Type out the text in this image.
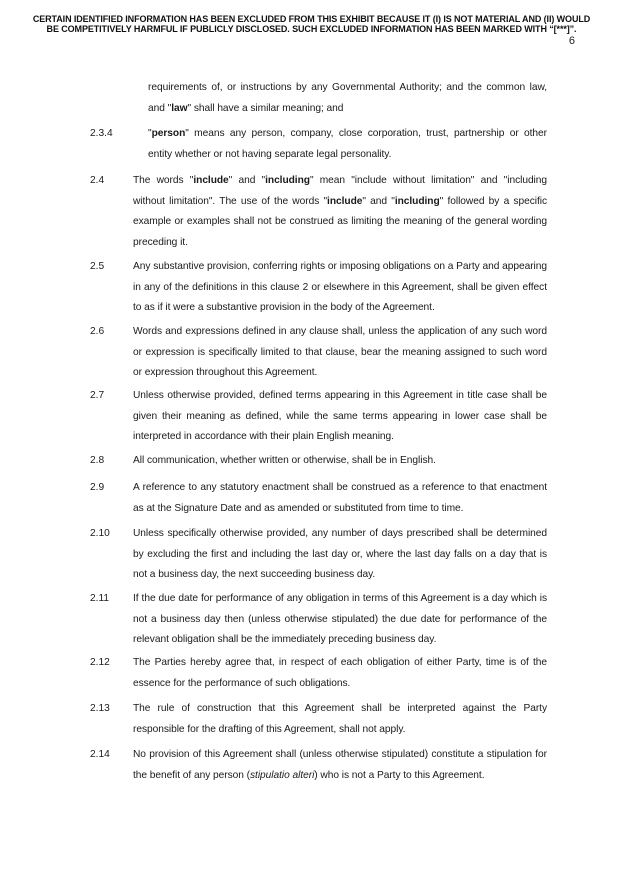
CERTAIN IDENTIFIED INFORMATION HAS BEEN EXCLUDED FROM THIS EXHIBIT BECAUSE IT (I) IS NOT MATERIAL AND (II) WOULD
BE COMPETITIVELY HARMFUL IF PUBLICLY DISCLOSED. SUCH EXCLUDED INFORMATION HAS BEEN MARKED WITH “[***]”.
6
requirements of, or instructions by any Governmental Authority; and the common law, and "law" shall have a similar meaning; and
2.3.4	"person" means any person, company, close corporation, trust, partnership or other entity whether or not having separate legal personality.
2.4	The words "include" and "including" mean "include without limitation" and "including without limitation". The use of the words "include" and "including" followed by a specific example or examples shall not be construed as limiting the meaning of the general wording preceding it.
2.5	Any substantive provision, conferring rights or imposing obligations on a Party and appearing in any of the definitions in this clause 2 or elsewhere in this Agreement, shall be given effect to as if it were a substantive provision in the body of the Agreement.
2.6	Words and expressions defined in any clause shall, unless the application of any such word or expression is specifically limited to that clause, bear the meaning assigned to such word or expression throughout this Agreement.
2.7	Unless otherwise provided, defined terms appearing in this Agreement in title case shall be given their meaning as defined, while the same terms appearing in lower case shall be interpreted in accordance with their plain English meaning.
2.8	All communication, whether written or otherwise, shall be in English.
2.9	A reference to any statutory enactment shall be construed as a reference to that enactment as at the Signature Date and as amended or substituted from time to time.
2.10 Unless specifically otherwise provided, any number of days prescribed shall be determined by excluding the first and including the last day or, where the last day falls on a day that is not a business day, the next succeeding business day.
2.11 If the due date for performance of any obligation in terms of this Agreement is a day which is not a business day then (unless otherwise stipulated) the due date for performance of the relevant obligation shall be the immediately preceding business day.
2.12 The Parties hereby agree that, in respect of each obligation of either Party, time is of the essence for the performance of such obligations.
2.13 The rule of construction that this Agreement shall be interpreted against the Party responsible for the drafting of this Agreement, shall not apply.
2.14 No provision of this Agreement shall (unless otherwise stipulated) constitute a stipulation for the benefit of any person (stipulatio alteri) who is not a Party to this Agreement.
